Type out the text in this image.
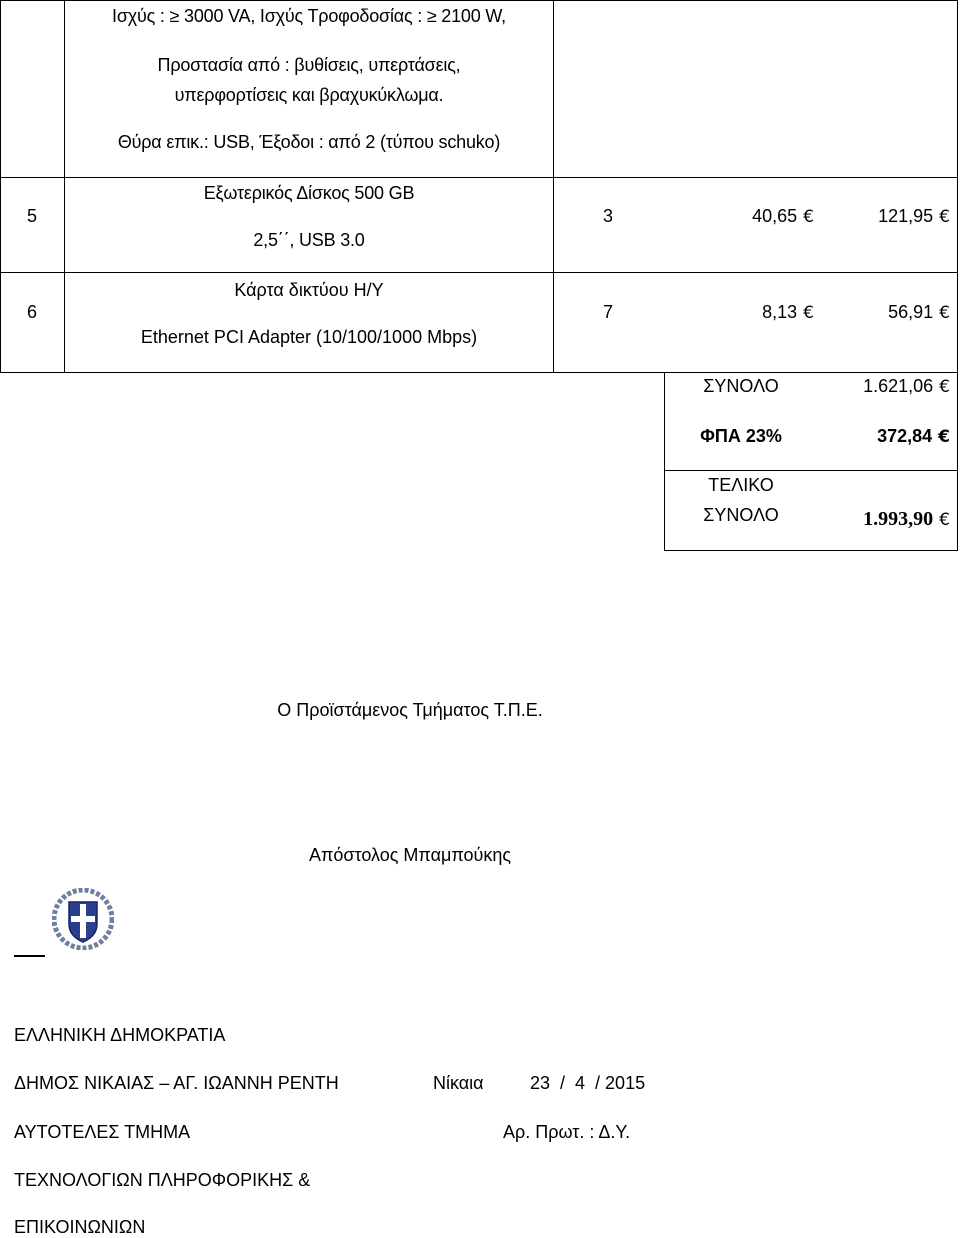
Ισχύς : ≥ 3000 VA, Ισχύς Τροφοδοσίας : ≥ 2100 W,
Προστασία από : βυθίσεις, υπερτάσεις,
υπερφορτίσεις και βραχυκύκλωμα.
Θύρα επικ.: USB, Έξοδοι : από 2 (τύπου schuko)
5
Εξωτερικός Δίσκος 500 GB
2,5΄΄, USB 3.0
3	40,65 €	121,95 €
6
Κάρτα δικτύου Η/Υ
Ethernet PCI Adapter (10/100/1000 Mbps)
7	8,13 €	56,91 €
ΣΥΝΟΛΟ	1.621,06 €
ΦΠΑ 23%	372,84 €
ΤΕΛΙΚΟ
ΣΥΝΟΛΟ	1.993,90 €
Ο Προϊστάμενος Τμήματος Τ.Π.Ε.
Απόστολος Μπαμπούκης
ΕΛΛΗΝΙΚΗ ΔΗΜΟΚΡΑΤΙΑ
ΔΗΜΟΣ ΝΙΚΑΙΑΣ – ΑΓ. ΙΩΑΝΝΗ ΡΕΝΤΗ	Νίκαια	23  /  4  / 2015
ΑΥΤΟΤΕΛΕΣ ΤΜΗΜΑ	Αρ. Πρωτ. : Δ.Υ.
ΤΕΧΝΟΛΟΓΙΩΝ ΠΛΗΡΟΦΟΡΙΚΗΣ &
ΕΠΙΚΟΙΝΩΝΙΩΝ
